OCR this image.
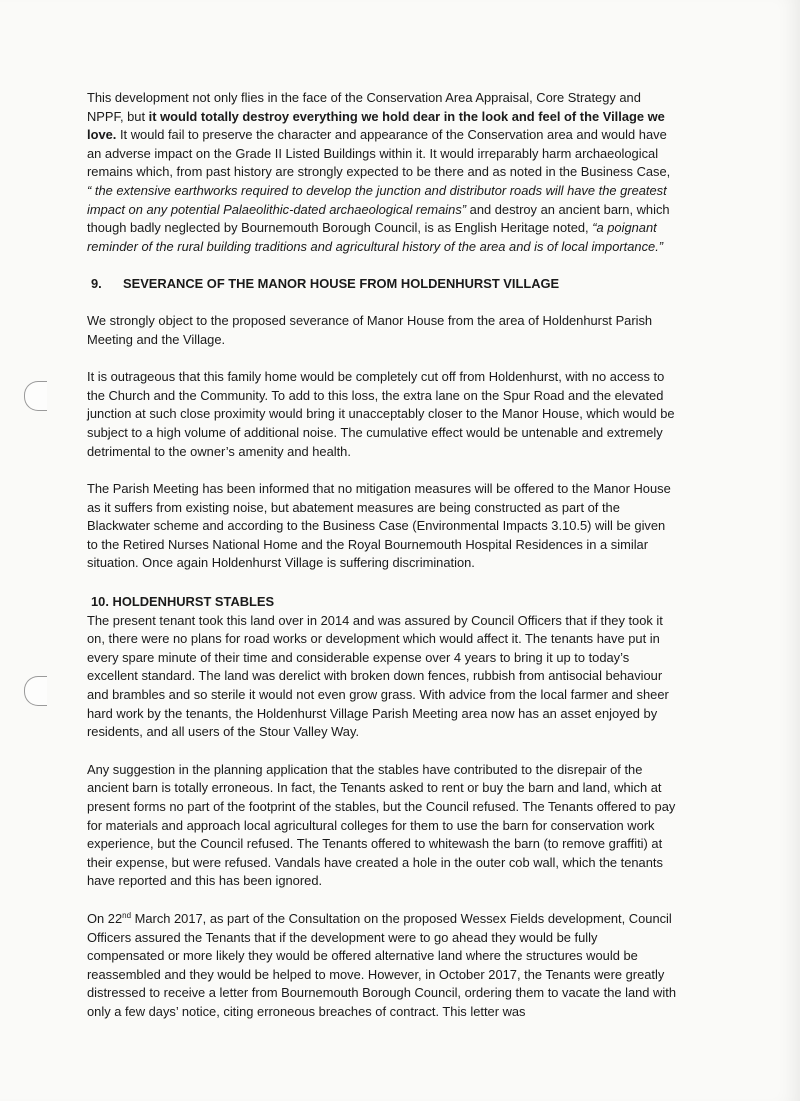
This development not only flies in the face of the Conservation Area Appraisal, Core Strategy and NPPF, but it would totally destroy everything we hold dear in the look and feel of the Village we love. It would fail to preserve the character and appearance of the Conservation area and would have an adverse impact on the Grade II Listed Buildings within it. It would irreparably harm archaeological remains which, from past history are strongly expected to be there and as noted in the Business Case, “ the extensive earthworks required to develop the junction and distributor roads will have the greatest impact on any potential Palaeolithic-dated archaeological remains” and destroy an ancient barn, which though badly neglected by Bournemouth Borough Council, is as English Heritage noted, “a poignant reminder of the rural building traditions and agricultural history of the area and is of local importance.”

9. SEVERANCE OF THE MANOR HOUSE FROM HOLDENHURST VILLAGE

We strongly object to the proposed severance of Manor House from the area of Holdenhurst Parish Meeting and the Village.

It is outrageous that this family home would be completely cut off from Holdenhurst, with no access to the Church and the Community. To add to this loss, the extra lane on the Spur Road and the elevated junction at such close proximity would bring it unacceptably closer to the Manor House, which would be subject to a high volume of additional noise. The cumulative effect would be untenable and extremely detrimental to the owner’s amenity and health.

The Parish Meeting has been informed that no mitigation measures will be offered to the Manor House as it suffers from existing noise, but abatement measures are being constructed as part of the Blackwater scheme and according to the Business Case (Environmental Impacts 3.10.5) will be given to the Retired Nurses National Home and the Royal Bournemouth Hospital Residences in a similar situation. Once again Holdenhurst Village is suffering discrimination.

10. HOLDENHURST STABLES

The present tenant took this land over in 2014 and was assured by Council Officers that if they took it on, there were no plans for road works or development which would affect it. The tenants have put in every spare minute of their time and considerable expense over 4 years to bring it up to today’s excellent standard. The land was derelict with broken down fences, rubbish from antisocial behaviour and brambles and so sterile it would not even grow grass. With advice from the local farmer and sheer hard work by the tenants, the Holdenhurst Village Parish Meeting area now has an asset enjoyed by residents, and all users of the Stour Valley Way.

Any suggestion in the planning application that the stables have contributed to the disrepair of the ancient barn is totally erroneous. In fact, the Tenants asked to rent or buy the barn and land, which at present forms no part of the footprint of the stables, but the Council refused. The Tenants offered to pay for materials and approach local agricultural colleges for them to use the barn for conservation work experience, but the Council refused. The Tenants offered to whitewash the barn (to remove graffiti) at their expense, but were refused. Vandals have created a hole in the outer cob wall, which the tenants have reported and this has been ignored.

On 22nd March 2017, as part of the Consultation on the proposed Wessex Fields development, Council Officers assured the Tenants that if the development were to go ahead they would be fully compensated or more likely they would be offered alternative land where the structures would be reassembled and they would be helped to move. However, in October 2017, the Tenants were greatly distressed to receive a letter from Bournemouth Borough Council, ordering them to vacate the land with only a few days’ notice, citing erroneous breaches of contract. This letter was
